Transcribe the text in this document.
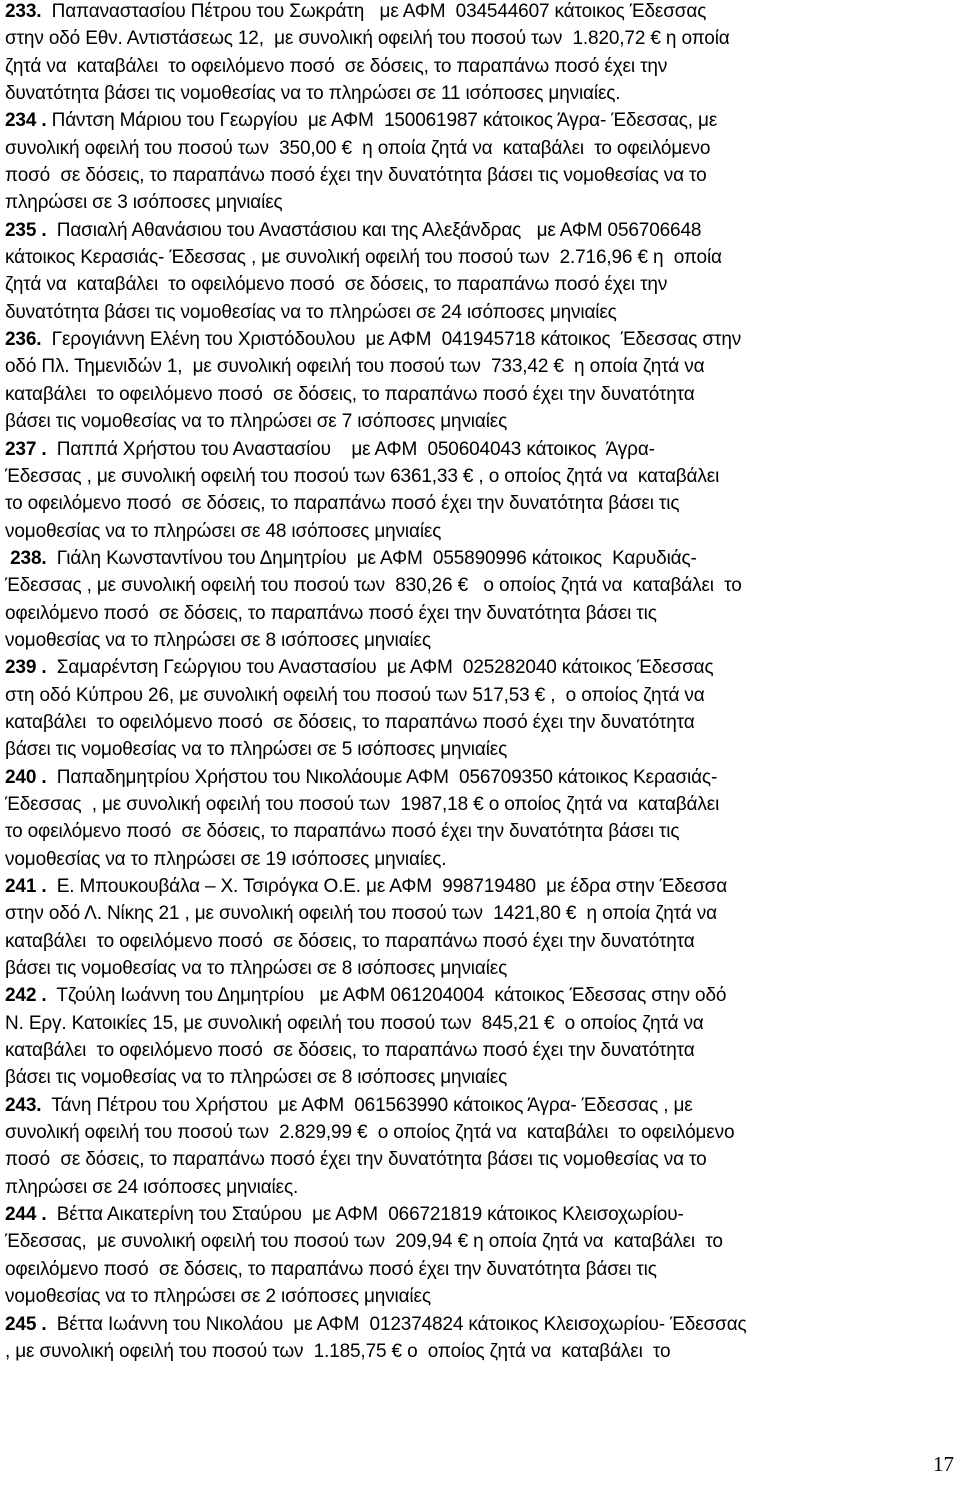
233.  Παπαναστασίου Πέτρου του Σωκράτη   με ΑΦΜ  034544607 κάτοικος Έδεσσας
στην οδό Εθν. Αντιστάσεως 12,  με συνολική οφειλή του ποσού των  1.820,72 € η οποία
ζητά να  καταβάλει  το οφειλόμενο ποσό  σε δόσεις, το παραπάνω ποσό έχει την
δυνατότητα βάσει τις νομοθεσίας να το πληρώσει σε 11 ισόποσες μηνιαίες.
234 . Πάντση Μάριου του Γεωργίου  με ΑΦΜ  150061987 κάτοικος Άγρα- Έδεσσας, με
συνολική οφειλή του ποσού των  350,00 €  η οποία ζητά να  καταβάλει  το οφειλόμενο
ποσό  σε δόσεις, το παραπάνω ποσό έχει την δυνατότητα βάσει τις νομοθεσίας να το
πληρώσει σε 3 ισόποσες μηνιαίες
235 .  Πασιαλή Αθανάσιου του Αναστάσιου και της Αλεξάνδρας   με ΑΦΜ 056706648
κάτοικος Κερασιάς- Έδεσσας , με συνολική οφειλή του ποσού των  2.716,96 € η  οποία
ζητά να  καταβάλει  το οφειλόμενο ποσό  σε δόσεις, το παραπάνω ποσό έχει την
δυνατότητα βάσει τις νομοθεσίας να το πληρώσει σε 24 ισόποσες μηνιαίες
236.  Γερογιάννη Ελένη του Χριστόδουλου  με ΑΦΜ  041945718 κάτοικος  Έδεσσας στην
οδό Πλ. Τημενιδών 1,  με συνολική οφειλή του ποσού των  733,42 €  η οποία ζητά να
καταβάλει  το οφειλόμενο ποσό  σε δόσεις, το παραπάνω ποσό έχει την δυνατότητα
βάσει τις νομοθεσίας να το πληρώσει σε 7 ισόποσες μηνιαίες
237 .  Παππά Χρήστου του Αναστασίου    με ΑΦΜ  050604043 κάτοικος  Άγρα-
Έδεσσας , με συνολική οφειλή του ποσού των 6361,33 € , ο οποίος ζητά να  καταβάλει
το οφειλόμενο ποσό  σε δόσεις, το παραπάνω ποσό έχει την δυνατότητα βάσει τις
νομοθεσίας να το πληρώσει σε 48 ισόποσες μηνιαίες
238.  Γιάλη Κωνσταντίνου του Δημητρίου  με ΑΦΜ  055890996 κάτοικος  Καρυδιάς-
Έδεσσας , με συνολική οφειλή του ποσού των  830,26 €   ο οποίος ζητά να  καταβάλει  το
οφειλόμενο ποσό  σε δόσεις, το παραπάνω ποσό έχει την δυνατότητα βάσει τις
νομοθεσίας να το πληρώσει σε 8 ισόποσες μηνιαίες
239 .  Σαμαρέντση Γεώργιου του Αναστασίου  με ΑΦΜ  025282040 κάτοικος Έδεσσας
στη οδό Κύπρου 26, με συνολική οφειλή του ποσού των 517,53 € ,  ο οποίος ζητά να
καταβάλει  το οφειλόμενο ποσό  σε δόσεις, το παραπάνω ποσό έχει την δυνατότητα
βάσει τις νομοθεσίας να το πληρώσει σε 5 ισόποσες μηνιαίες
240 .  Παπαδημητρίου Χρήστου του Νικολάουμε ΑΦΜ  056709350 κάτοικος Κερασιάς-
Έδεσσας  , με συνολική οφειλή του ποσού των  1987,18 € ο οποίος ζητά να  καταβάλει
το οφειλόμενο ποσό  σε δόσεις, το παραπάνω ποσό έχει την δυνατότητα βάσει τις
νομοθεσίας να το πληρώσει σε 19 ισόποσες μηνιαίες.
241 .  Ε. Μπουκουβάλα – Χ. Τσιρόγκα Ο.Ε. με ΑΦΜ  998719480  με έδρα στην Έδεσσα
στην οδό Λ. Νίκης 21 , με συνολική οφειλή του ποσού των  1421,80 €  η οποία ζητά να
καταβάλει  το οφειλόμενο ποσό  σε δόσεις, το παραπάνω ποσό έχει την δυνατότητα
βάσει τις νομοθεσίας να το πληρώσει σε 8 ισόποσες μηνιαίες
242 .  Τζούλη Ιωάννη του Δημητρίου   με ΑΦΜ 061204004  κάτοικος Έδεσσας στην οδό
Ν. Εργ. Κατοικίες 15, με συνολική οφειλή του ποσού των  845,21 €  ο οποίος ζητά να
καταβάλει  το οφειλόμενο ποσό  σε δόσεις, το παραπάνω ποσό έχει την δυνατότητα
βάσει τις νομοθεσίας να το πληρώσει σε 8 ισόποσες μηνιαίες
243.  Τάνη Πέτρου του Χρήστου  με ΑΦΜ  061563990 κάτοικος Άγρα- Έδεσσας , με
συνολική οφειλή του ποσού των  2.829,99 €  ο οποίος ζητά να  καταβάλει  το οφειλόμενο
ποσό  σε δόσεις, το παραπάνω ποσό έχει την δυνατότητα βάσει τις νομοθεσίας να το
πληρώσει σε 24 ισόποσες μηνιαίες.
244 .  Βέττα Αικατερίνη του Σταύρου  με ΑΦΜ  066721819 κάτοικος Κλεισοχωρίου-
Έδεσσας,  με συνολική οφειλή του ποσού των  209,94 € η οποία ζητά να  καταβάλει  το
οφειλόμενο ποσό  σε δόσεις, το παραπάνω ποσό έχει την δυνατότητα βάσει τις
νομοθεσίας να το πληρώσει σε 2 ισόποσες μηνιαίες
245 .  Βέττα Ιωάννη του Νικολάου  με ΑΦΜ  012374824 κάτοικος Κλεισοχωρίου- Έδεσσας
, με συνολική οφειλή του ποσού των  1.185,75 € ο  οποίος ζητά να  καταβάλει  το
17
